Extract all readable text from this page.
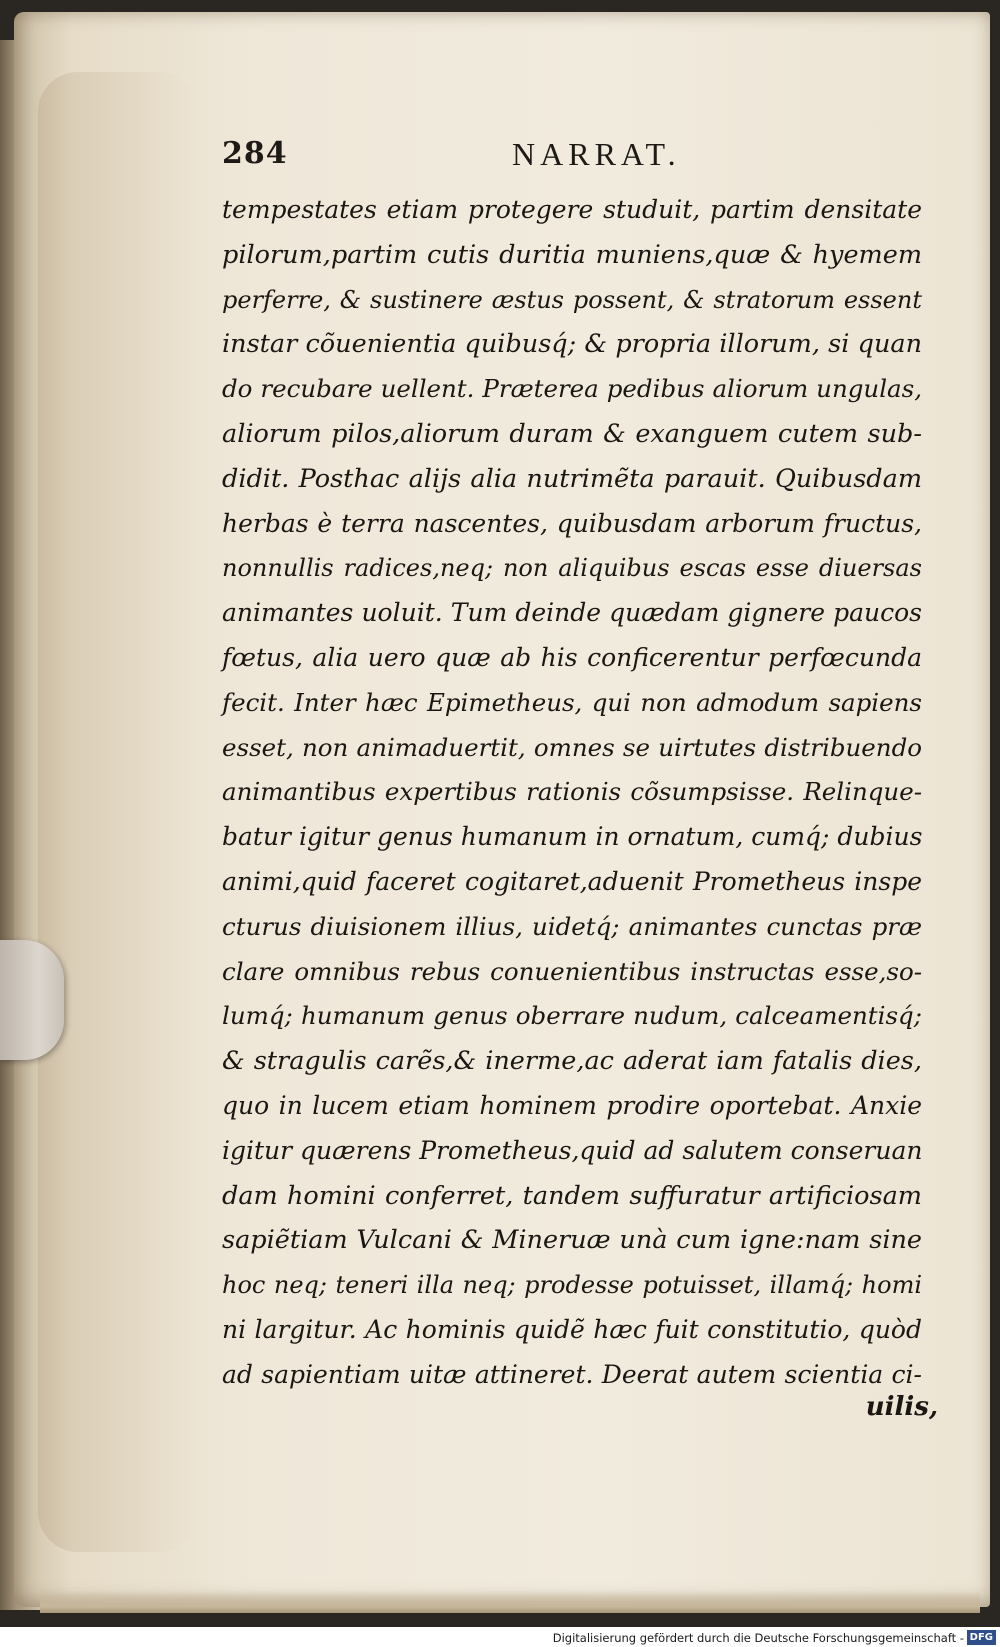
284	NARRAT.
tempestates etiam protegere studuit, partim densitate
pilorum,partim cutis duritia muniens,quæ & hyemem
perferre, & sustinere æstus possent, & stratorum essent
instar cõuenientia quibusq́; & propria illorum, si quan
do recubare uellent. Præterea pedibus aliorum ungulas,
aliorum pilos,aliorum duram & exanguem cutem sub-
didit. Posthac alijs alia nutrimẽta parauit. Quibusdam
herbas è terra nascentes, quibusdam arborum fructus,
nonnullis radices,neq; non aliquibus escas esse diuersas
animantes uoluit. Tum deinde quædam gignere paucos
fœtus, alia uero quæ ab his conficerentur perfœcunda
fecit. Inter hæc Epimetheus, qui non admodum sapiens
esset, non animaduertit, omnes se uirtutes distribuendo
animantibus expertibus rationis cõsumpsisse. Relinque-
batur igitur genus humanum in ornatum, cumq́; dubius
animi,quid faceret cogitaret,aduenit Prometheus inspe
cturus diuisionem illius, uidetq́; animantes cunctas præ
clare omnibus rebus conuenientibus instructas esse,so-
lumq́; humanum genus oberrare nudum, calceamentisq́;
& stragulis carẽs,& inerme,ac aderat iam fatalis dies,
quo in lucem etiam hominem prodire oportebat. Anxie
igitur quærens Prometheus,quid ad salutem conseruan
dam homini conferret, tandem suffuratur artificiosam
sapiẽtiam Vulcani & Mineruæ unà cum igne:nam sine
hoc neq; teneri illa neq; prodesse potuisset, illamq́; homi
ni largitur. Ac hominis quidẽ hæc fuit constitutio, quòd
ad sapientiam uitæ attineret. Deerat autem scientia ci-
uilis,
Digitalisierung gefördert durch die Deutsche Forschungsgemeinschaft - DFG
